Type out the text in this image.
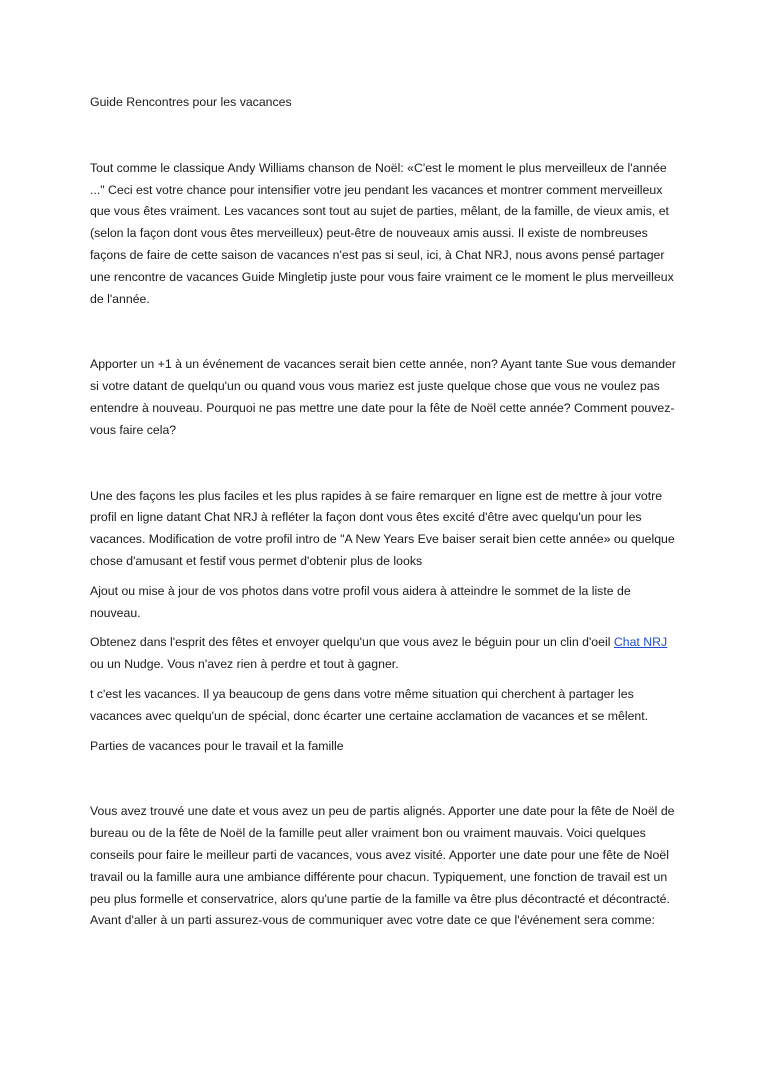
Guide Rencontres pour les vacances

Tout comme le classique Andy Williams chanson de Noël: «C'est le moment le plus merveilleux de l'année ..." Ceci est votre chance pour intensifier votre jeu pendant les vacances et montrer comment merveilleux que vous êtes vraiment. Les vacances sont tout au sujet de parties, mêlant, de la famille, de vieux amis, et (selon la façon dont vous êtes merveilleux) peut-être de nouveaux amis aussi. Il existe de nombreuses façons de faire de cette saison de vacances n'est pas si seul, ici, à Chat NRJ, nous avons pensé partager une rencontre de vacances Guide Mingletip juste pour vous faire vraiment ce le moment le plus merveilleux de l'année.

Apporter un +1 à un événement de vacances serait bien cette année, non? Ayant tante Sue vous demander si votre datant de quelqu'un ou quand vous vous mariez est juste quelque chose que vous ne voulez pas entendre à nouveau. Pourquoi ne pas mettre une date pour la fête de Noël cette année? Comment pouvez-vous faire cela?

Une des façons les plus faciles et les plus rapides à se faire remarquer en ligne est de mettre à jour votre profil en ligne datant Chat NRJ à refléter la façon dont vous êtes excité d'être avec quelqu'un pour les vacances. Modification de votre profil intro de "A New Years Eve baiser serait bien cette année» ou quelque chose d'amusant et festif vous permet d'obtenir plus de looks

Ajout ou mise à jour de vos photos dans votre profil vous aidera à atteindre le sommet de la liste de nouveau.

Obtenez dans l'esprit des fêtes et envoyer quelqu'un que vous avez le béguin pour un clin d'oeil Chat NRJ ou un Nudge. Vous n'avez rien à perdre et tout à gagner.

t c'est les vacances. Il ya beaucoup de gens dans votre même situation qui cherchent à partager les vacances avec quelqu'un de spécial, donc écarter une certaine acclamation de vacances et se mêlent.

Parties de vacances pour le travail et la famille

Vous avez trouvé une date et vous avez un peu de partis alignés. Apporter une date pour la fête de Noël de bureau ou de la fête de Noël de la famille peut aller vraiment bon ou vraiment mauvais. Voici quelques conseils pour faire le meilleur parti de vacances, vous avez visité. Apporter une date pour une fête de Noël travail ou la famille aura une ambiance différente pour chacun. Typiquement, une fonction de travail est un peu plus formelle et conservatrice, alors qu'une partie de la famille va être plus décontracté et décontracté. Avant d'aller à un parti assurez-vous de communiquer avec votre date ce que l'événement sera comme:
